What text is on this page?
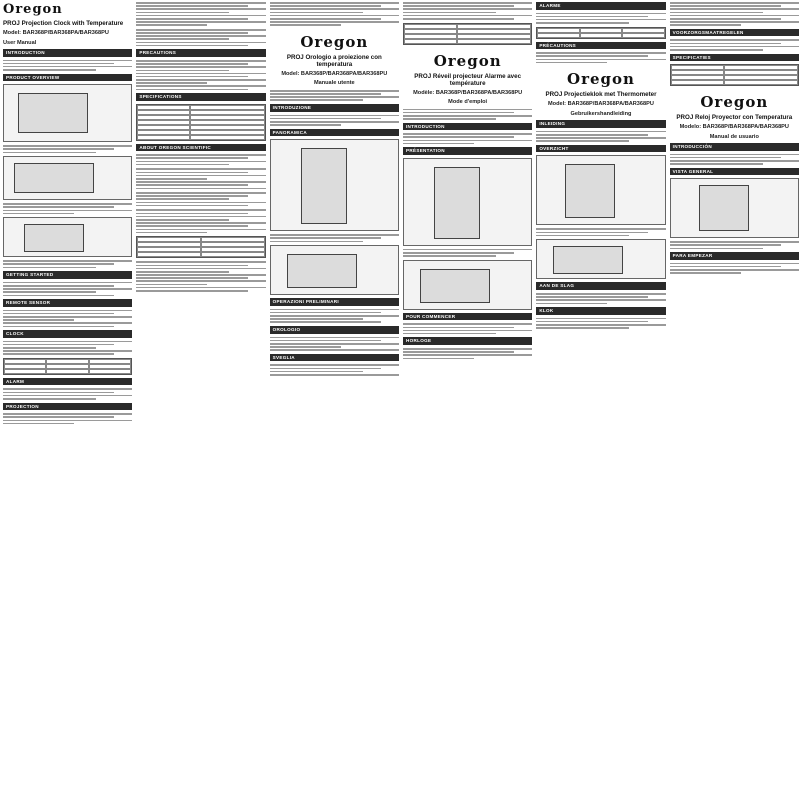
Oregon
PROJ Projection Clock with Temperature
Model: BAR368P/BAR368PA/BAR368PU
User Manual
INTRODUCTION
PRODUCT OVERVIEW
GETTING STARTED
REMOTE SENSOR
CLOCK
ALARM
PROJECTION
PRECAUTIONS
SPECIFICATIONS
ABOUT OREGON SCIENTIFIC
Oregon
PROJ Orologio a proiezione con temperatura
Model: BAR368P/BAR368PA/BAR368PU
Manuale utente
INTRODUZIONE
PANORAMICA
OPERAZIONI PRELIMINARI
OROLOGIO
SVEGLIA
Oregon
PROJ Réveil projecteur Alarme avec température
Modèle: BAR368P/BAR368PA/BAR368PU
Mode d'emploi
INTRODUCTION
PRÉSENTATION
POUR COMMENCER
HORLOGE
ALARME
PRÉCAUTIONS
Oregon
PROJ Projectieklok met Thermometer
Model: BAR368P/BAR368PA/BAR368PU
Gebruikershandleiding
INLEIDING
OVERZICHT
AAN DE SLAG
KLOK
VOORZORGSMAATREGELEN
SPECIFICATIES
Oregon
PROJ Reloj Proyector con Temperatura
Modelo: BAR368P/BAR368PA/BAR368PU
Manual de usuario
INTRODUCCIÓN
VISTA GENERAL
PARA EMPEZAR
